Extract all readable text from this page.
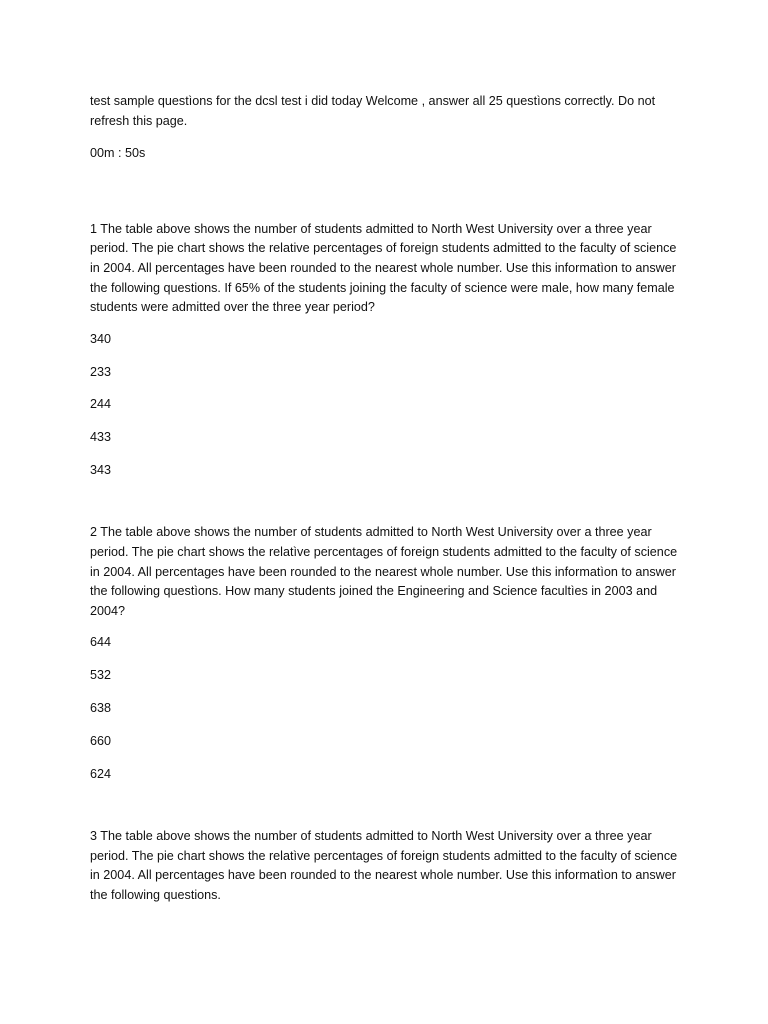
test sample questìons for the dcsl test i did today Welcome , answer all 25 questìons correctly. Do not refresh this page.

00m : 50s

1 The table above shows the number of students admitted to North West University over a three year period. The pie chart shows the relative percentages of foreign students admitted to the faculty of science in 2004. All percentages have been rounded to the nearest whole number. Use this informatìon to answer the following questions. If 65% of the students joining the faculty of science were male, how many female students were admitted over the three year period?

340
233
244
433
343

2 The table above shows the number of students admitted to North West University over a three year period. The pie chart shows the relatìve percentages of foreign students admitted to the faculty of science in 2004. All percentages have been rounded to the nearest whole number. Use this informatìon to answer the following questìons. How many students joined the Engineering and Science facultìes in 2003 and 2004?

644
532
638
660
624

3 The table above shows the number of students admitted to North West University over a three year period. The pie chart shows the relatìve percentages of foreign students admitted to the faculty of science in 2004. All percentages have been rounded to the nearest whole number. Use this informatìon to answer the following questions.
